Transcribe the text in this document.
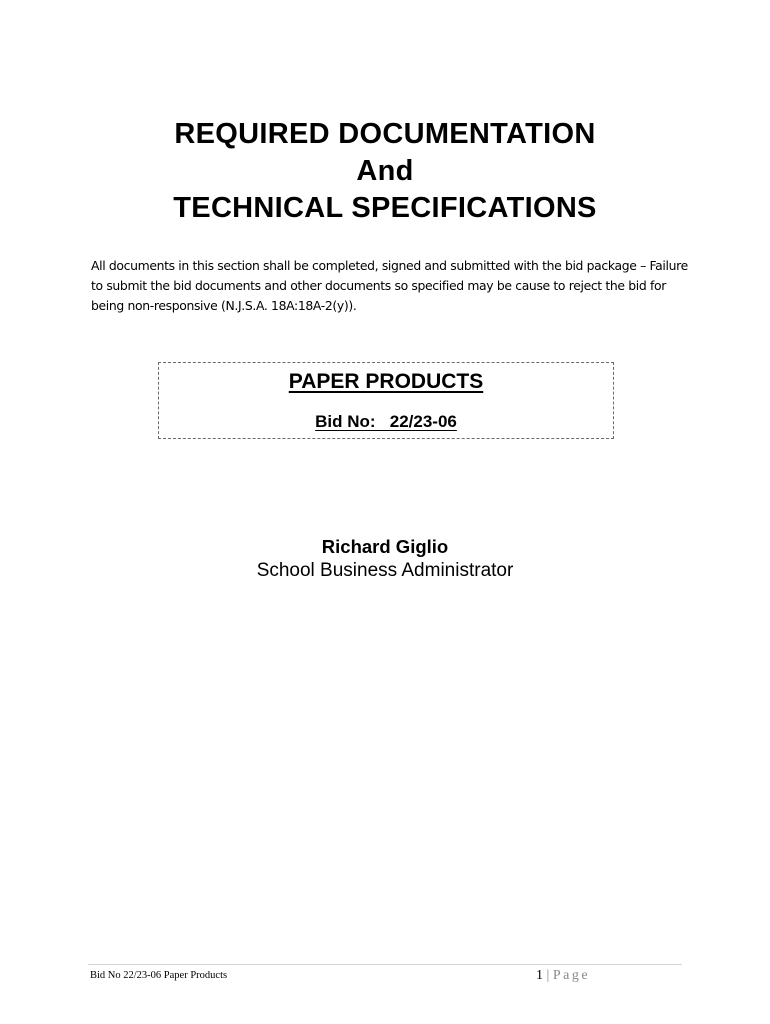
REQUIRED DOCUMENTATION
And
TECHNICAL SPECIFICATIONS

All documents in this section shall be completed, signed and submitted with the bid package – Failure to submit the bid documents and other documents so specified may be cause to reject the bid for being non-responsive (N.J.S.A. 18A:18A-2(y)).

PAPER PRODUCTS
Bid No:   22/23-06
Richard Giglio
School Business Administrator
Bid No 22/23-06 Paper Products	1 | Page
